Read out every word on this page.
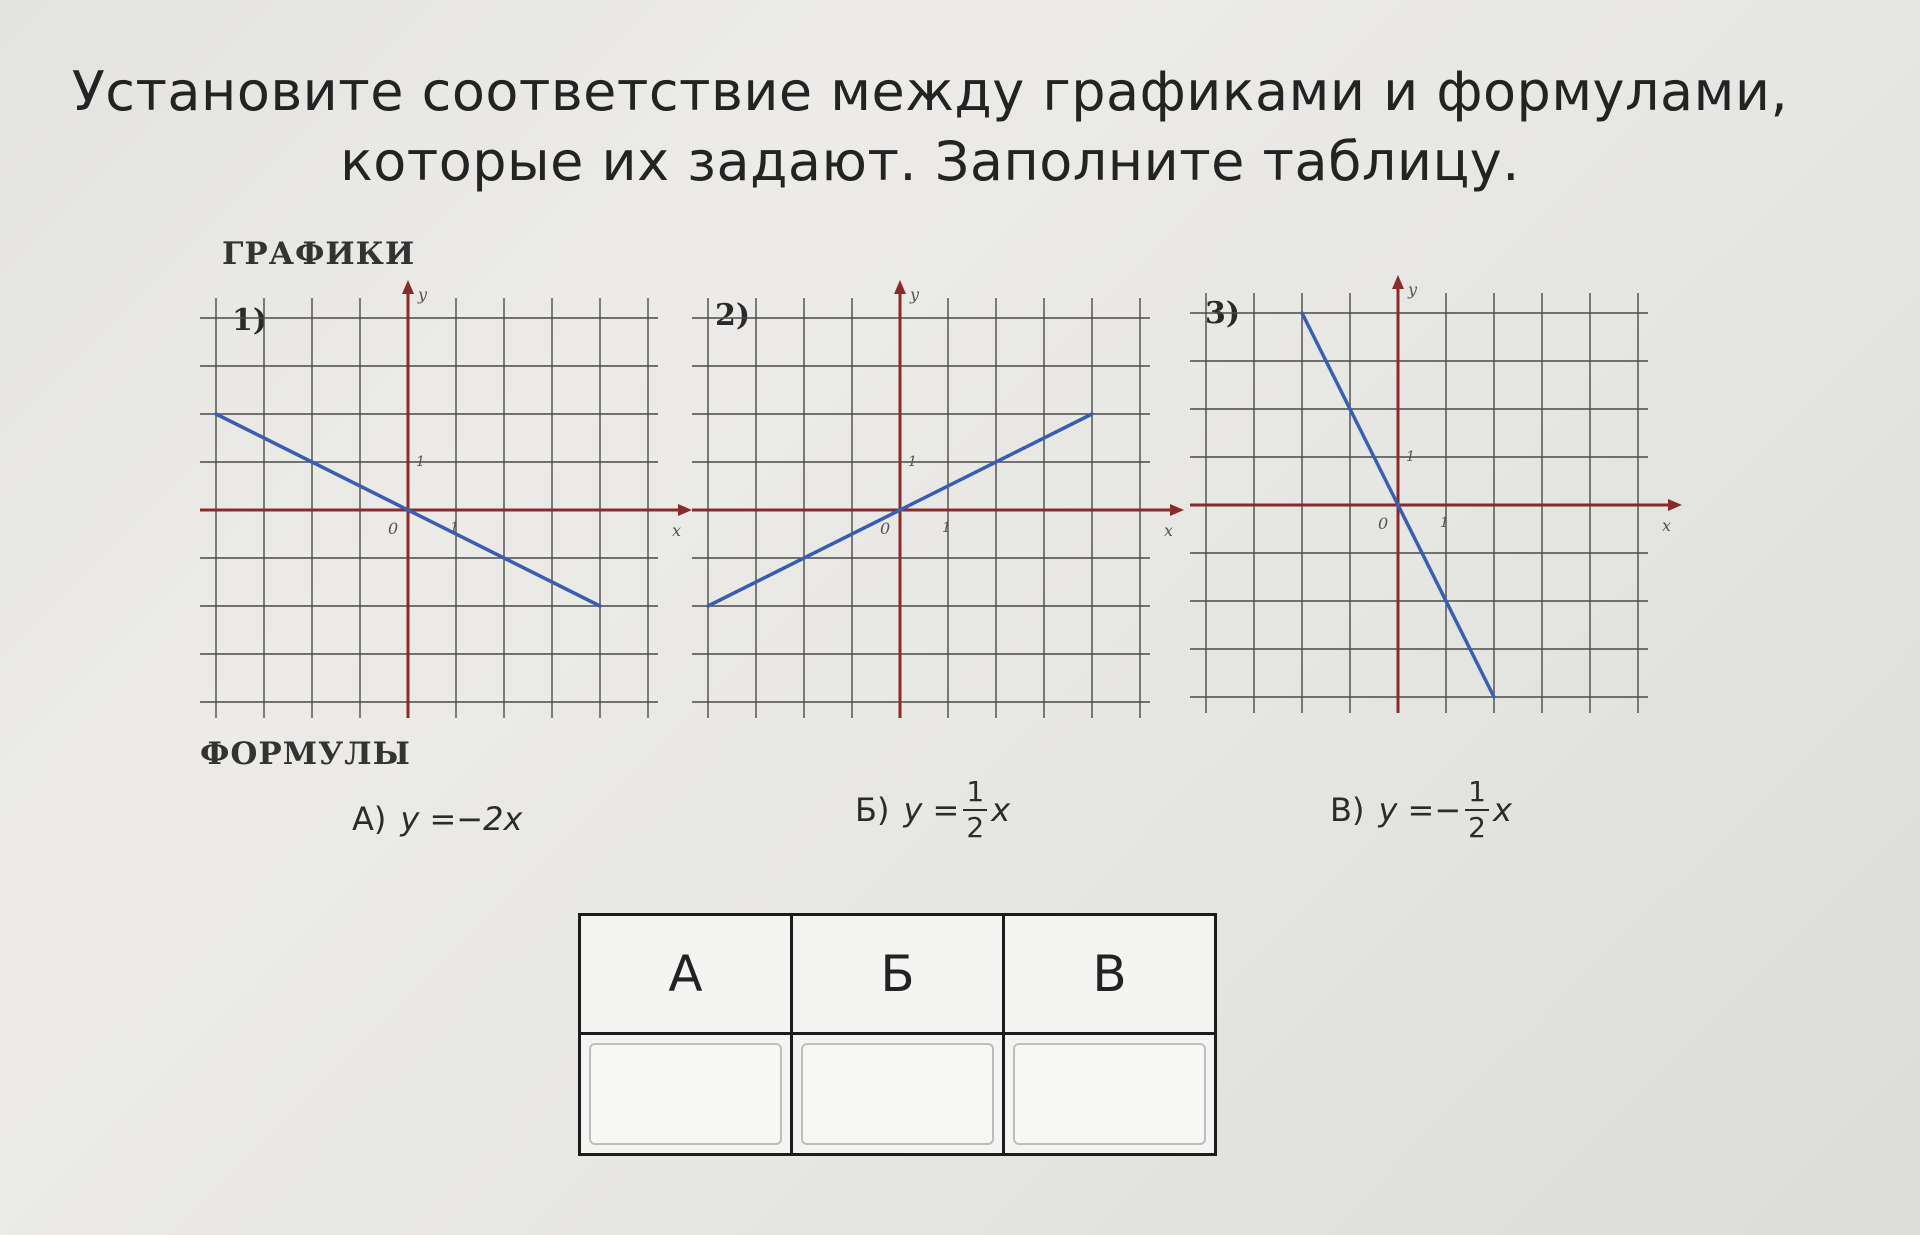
Установите соответствие между графиками и формулами,

которые их задают. Заполните таблицу.

ГРАФИКИ
1)	2)	3)
y
x
0
1
1
y
x
0
1
1
y
x
0
1
1
ФОРМУЛЫ
А) y = −2x	Б) $y = \frac{1}{2}$ x	В) y = − $\frac{1}{2}$ x
А	Б	В
